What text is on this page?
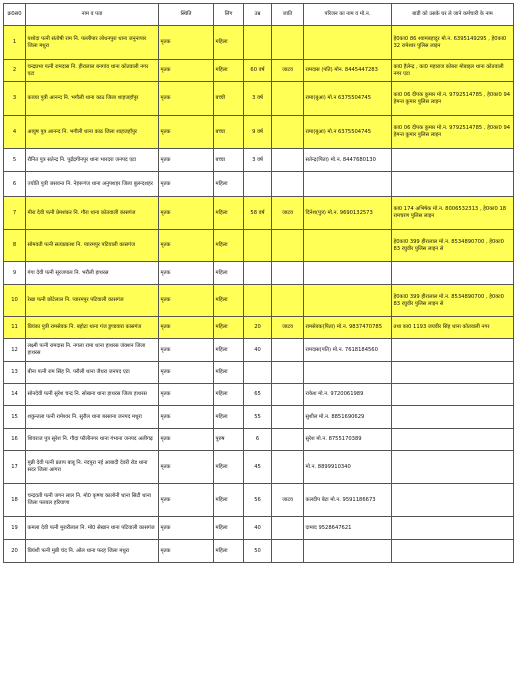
क्र0स0	नाम व पता	स्थिति	लिंग	उम्र	जाति	परिजन का नाम व मो.न.	बाडी को उसके घर ले जाने कर्मचारी के नाम
1	यशोदा पत्नी संतोषी राम नि. पल्लीपार लोधनपुरा थाना जनुनापार जिला मथुरा	मृतक	महिला				हे0का0 86 श्यामबहादुर मो.न. 6395149295 , हे0का0 32 रामेश्वर पुलिस लाइन
2	चन्द्रप्रभा पत्नी रामदास नि. हीरालाल बनगांव थाना कोतवाली नगर एटा	मृतक	महिला	60 वर्ष	जाटव	रामदास (पति) मोन. 8445447283	का0 हैलेन्द्र , का0 महाराज कोबरा मोबाइल थाना कोतवाली नगर एटा
3	काव्या पुत्री आनन्द नि. भगौली थाना काठ जिला शाहजहाँपुर	मृतक	बच्ची	3 वर्ष		रामा(बुआ) मो.न 6375504745	का0 06 दीपक कुमार मो.न. 9792514785 , हे0का0 94 हेमन्त कुमार पुलिस लाइन
4	आयुष पुत्र आनन्द नि. भगौली थाना काठ जिला शाहजहाँपुर	मृतक	बच्चा	9 वर्ष		रामा(बुआ) मो.न 6375504745	का0 06 दीपक कुमार मो.न. 9792514785 , हे0का0 94 हेमन्त कुमार पुलिस लाइन
5	रौनित पुत्र सतेन्द्र नि. पुर्ढंद्रगीनपुर थाना भारदरा जनपद एटा	मृतक	बच्चा	3 वर्ष		सतेन्द्र(पिता) मो.न. 8447680130	
6	ज्योति पुत्री जसवन्त नि. नेहरूगंज थाना अनुपशहर जिला बुलन्दशहर	मृतक	महिला				
7	मीरा देवी पत्नी प्रेमशंकर नि. गौरा थाना कोतवाली कासगंज	मृतक	महिला	58 वर्ष	जाटव	दिनेश(पुत्र) मो.न. 9690132573	का0 174 अभिषेक मो.न. 8006532313 , हे0का0 18 रामचरण पुलिस लाइन
8	सोमवती पत्नी सत्यप्रकाश नि. प्यारमपुर पटियाली कासगंज	मृतक	महिला				हे0का0 399 हीरालाल मो.न. 8534890700 , हे0का0 83 रघुवीर पुलिस लाइन से
9	गंगा देवी पत्नी सूरजपाल नि. भरौली हाथरस	मृतक	महिला				
10	रेखा पत्नी छोटेलाल नि. प्यारमपुर पटियाली कासगंज	मृतक	महिला				हे0का0 399 हीरालाल मो.न. 8534890700 , हे0का0 83 रघुवीर पुलिस लाइन से
11	प्रियंका पुत्री रामसेवक नि. बहोटा थाना गंज डुण्डवारा कासगंज	मृतक	महिला	20	जाटव	रामसेवक(पिता) मो.न. 9837470785	तथा का0 1193 जयवीर सिंह थाना कोतवाली नगर
12	लक्ष्मी पत्नी रामदास नि. नगला रामा थाना हाथरस जंक्शन जिला हाथरस	मृतक	महिला	40		रामदास(पति) मो.न. 7618184560	
13	बीना पत्नी राम सिंह नि. परौली थाना जैथरा जनपद एटा	मृतक	महिला				
14	सोनदेवी पत्नी सुरेश चन्द्र नि. सोखना थाना हाथरस जिला हाथरस	मृतक	महिला	65		राकेश मो.न. 9720061989	
15	शकुन्तला पत्नी रामेश्वर नि. सुरौल थाना बरसाना जनपद मथुरा	मृतक	महिला	55		सुशील मो.न. 8851690629	
16	शिवराज पुत्र सुरेश नि. गौदा फौलीनगर थाना गंभाना जनपद अलीगढ़	मृतक	पुरुष	6		सुरेश मो.न. 8755170389	
17	मुन्नी देवी पत्नी प्रताप बाबू नि. नंदपुरा नई आबादी देवरी रोड थाना सदर जिला आगरा	मृतक	महिला	45		मो.न. 8899910340	
18	चन्द्रवती पत्नी जगन लाल नि. मो0 कृष्णा कालोनी थाना सिटी थाना जिला पलवल हरियाणा	मृतक	महिला	56	जाटव	कलदीप बेटा मो.न. 9591186673	
19	कमला देवी पत्नी मुरारीलाल नि. मो0 सेखान थाना पटियाली कासगंज	मृतक	महिला	40		दामाद 9528647621	
20	प्रियंशी पत्नी मुन्नी चंद नि. ओल थाना फरह जिला मथुरा	मृतक	महिला	50			
